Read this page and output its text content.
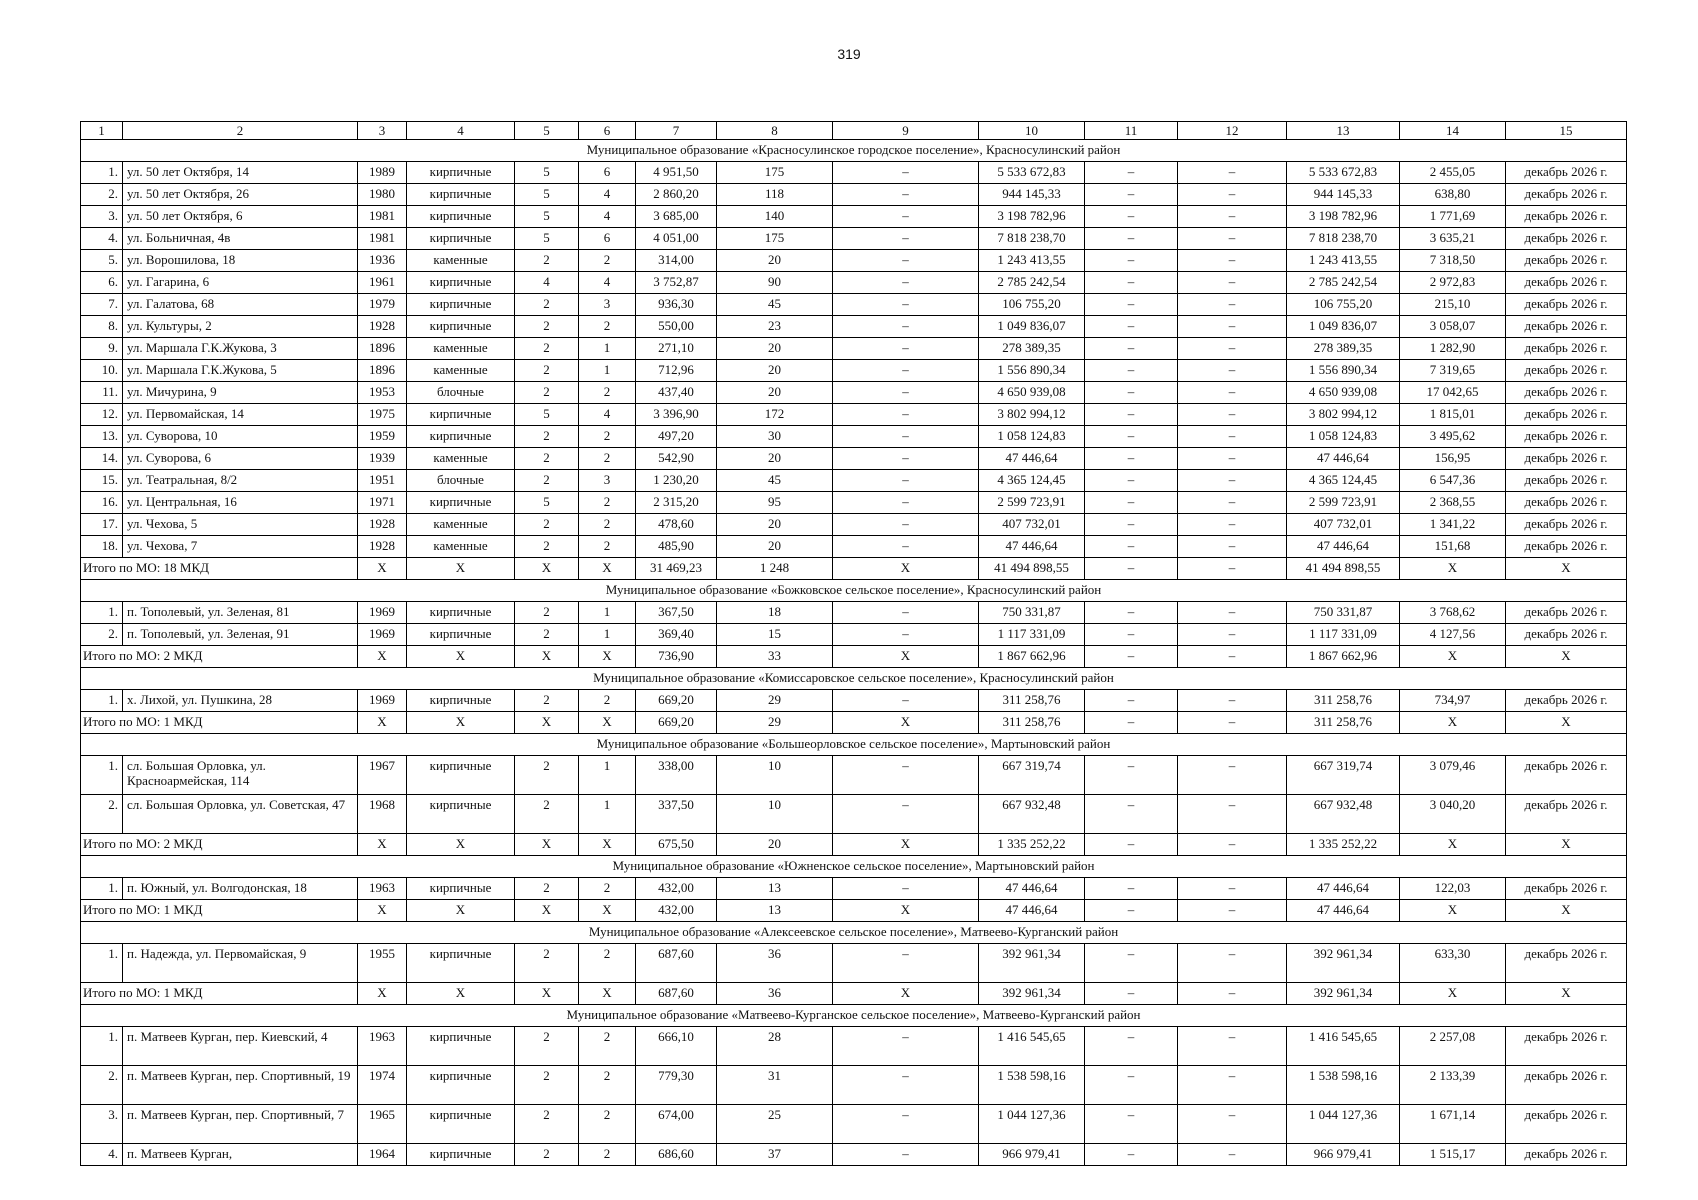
319
1	2	3	4	5	6	7	8	9	10	11	12	13	14	15
Муниципальное образование «Красносулинское городское поселение», Красносулинский район														
1.	ул. 50 лет Октября, 14	1989	кирпичные	5	6	4 951,50	175	–	5 533 672,83	–	–	5 533 672,83	2 455,05	декабрь 2026 г.
2.	ул. 50 лет Октября, 26	1980	кирпичные	5	4	2 860,20	118	–	944 145,33	–	–	944 145,33	638,80	декабрь 2026 г.
3.	ул. 50 лет Октября, 6	1981	кирпичные	5	4	3 685,00	140	–	3 198 782,96	–	–	3 198 782,96	1 771,69	декабрь 2026 г.
4.	ул. Больничная, 4в	1981	кирпичные	5	6	4 051,00	175	–	7 818 238,70	–	–	7 818 238,70	3 635,21	декабрь 2026 г.
5.	ул. Ворошилова, 18	1936	каменные	2	2	314,00	20	–	1 243 413,55	–	–	1 243 413,55	7 318,50	декабрь 2026 г.
6.	ул. Гагарина, 6	1961	кирпичные	4	4	3 752,87	90	–	2 785 242,54	–	–	2 785 242,54	2 972,83	декабрь 2026 г.
7.	ул. Галатова, 68	1979	кирпичные	2	3	936,30	45	–	106 755,20	–	–	106 755,20	215,10	декабрь 2026 г.
8.	ул. Культуры, 2	1928	кирпичные	2	2	550,00	23	–	1 049 836,07	–	–	1 049 836,07	3 058,07	декабрь 2026 г.
9.	ул. Маршала Г.К.Жукова, 3	1896	каменные	2	1	271,10	20	–	278 389,35	–	–	278 389,35	1 282,90	декабрь 2026 г.
10.	ул. Маршала Г.К.Жукова, 5	1896	каменные	2	1	712,96	20	–	1 556 890,34	–	–	1 556 890,34	7 319,65	декабрь 2026 г.
11.	ул. Мичурина, 9	1953	блочные	2	2	437,40	20	–	4 650 939,08	–	–	4 650 939,08	17 042,65	декабрь 2026 г.
12.	ул. Первомайская, 14	1975	кирпичные	5	4	3 396,90	172	–	3 802 994,12	–	–	3 802 994,12	1 815,01	декабрь 2026 г.
13.	ул. Суворова, 10	1959	кирпичные	2	2	497,20	30	–	1 058 124,83	–	–	1 058 124,83	3 495,62	декабрь 2026 г.
14.	ул. Суворова, 6	1939	каменные	2	2	542,90	20	–	47 446,64	–	–	47 446,64	156,95	декабрь 2026 г.
15.	ул. Театральная, 8/2	1951	блочные	2	3	1 230,20	45	–	4 365 124,45	–	–	4 365 124,45	6 547,36	декабрь 2026 г.
16.	ул. Центральная, 16	1971	кирпичные	5	2	2 315,20	95	–	2 599 723,91	–	–	2 599 723,91	2 368,55	декабрь 2026 г.
17.	ул. Чехова, 5	1928	каменные	2	2	478,60	20	–	407 732,01	–	–	407 732,01	1 341,22	декабрь 2026 г.
18.	ул. Чехова, 7	1928	каменные	2	2	485,90	20	–	47 446,64	–	–	47 446,64	151,68	декабрь 2026 г.
Итого по МО: 18 МКД		X	X	X	X	31 469,23	1 248	X	41 494 898,55	–	–	41 494 898,55	X	X
Муниципальное образование «Божковское сельское поселение», Красносулинский район														
1.	п. Тополевый, ул. Зеленая, 81	1969	кирпичные	2	1	367,50	18	–	750 331,87	–	–	750 331,87	3 768,62	декабрь 2026 г.
2.	п. Тополевый, ул. Зеленая, 91	1969	кирпичные	2	1	369,40	15	–	1 117 331,09	–	–	1 117 331,09	4 127,56	декабрь 2026 г.
Итого по МО: 2 МКД		X	X	X	X	736,90	33	X	1 867 662,96	–	–	1 867 662,96	X	X
Муниципальное образование «Комиссаровское сельское поселение», Красносулинский район														
1.	х. Лихой, ул. Пушкина, 28	1969	кирпичные	2	2	669,20	29	–	311 258,76	–	–	311 258,76	734,97	декабрь 2026 г.
Итого по МО: 1 МКД		X	X	X	X	669,20	29	X	311 258,76	–	–	311 258,76	X	X
Муниципальное образование «Большеорловское сельское поселение», Мартыновский район														
1.	сл. Большая Орловка, ул. Красноармейская, 114	1967	кирпичные	2	1	338,00	10	–	667 319,74	–	–	667 319,74	3 079,46	декабрь 2026 г.
2.	сл. Большая Орловка, ул. Советская, 47	1968	кирпичные	2	1	337,50	10	–	667 932,48	–	–	667 932,48	3 040,20	декабрь 2026 г.
Итого по МО: 2 МКД		X	X	X	X	675,50	20	X	1 335 252,22	–	–	1 335 252,22	X	X
Муниципальное образование «Южненское сельское поселение», Мартыновский район														
1.	п. Южный, ул. Волгодонская, 18	1963	кирпичные	2	2	432,00	13	–	47 446,64	–	–	47 446,64	122,03	декабрь 2026 г.
Итого по МО: 1 МКД		X	X	X	X	432,00	13	X	47 446,64	–	–	47 446,64	X	X
Муниципальное образование «Алексеевское сельское поселение», Матвеево-Курганский район														
1.	п. Надежда, ул. Первомайская, 9	1955	кирпичные	2	2	687,60	36	–	392 961,34	–	–	392 961,34	633,30	декабрь 2026 г.
Итого по МО: 1 МКД		X	X	X	X	687,60	36	X	392 961,34	–	–	392 961,34	X	X
Муниципальное образование «Матвеево-Курганское сельское поселение», Матвеево-Курганский район														
1.	п. Матвеев Курган, пер. Киевский, 4	1963	кирпичные	2	2	666,10	28	–	1 416 545,65	–	–	1 416 545,65	2 257,08	декабрь 2026 г.
2.	п. Матвеев Курган, пер. Спортивный, 19	1974	кирпичные	2	2	779,30	31	–	1 538 598,16	–	–	1 538 598,16	2 133,39	декабрь 2026 г.
3.	п. Матвеев Курган, пер. Спортивный, 7	1965	кирпичные	2	2	674,00	25	–	1 044 127,36	–	–	1 044 127,36	1 671,14	декабрь 2026 г.
4.	п. Матвеев Курган,	1964	кирпичные	2	2	686,60	37	–	966 979,41	–	–	966 979,41	1 515,17	декабрь 2026 г.
